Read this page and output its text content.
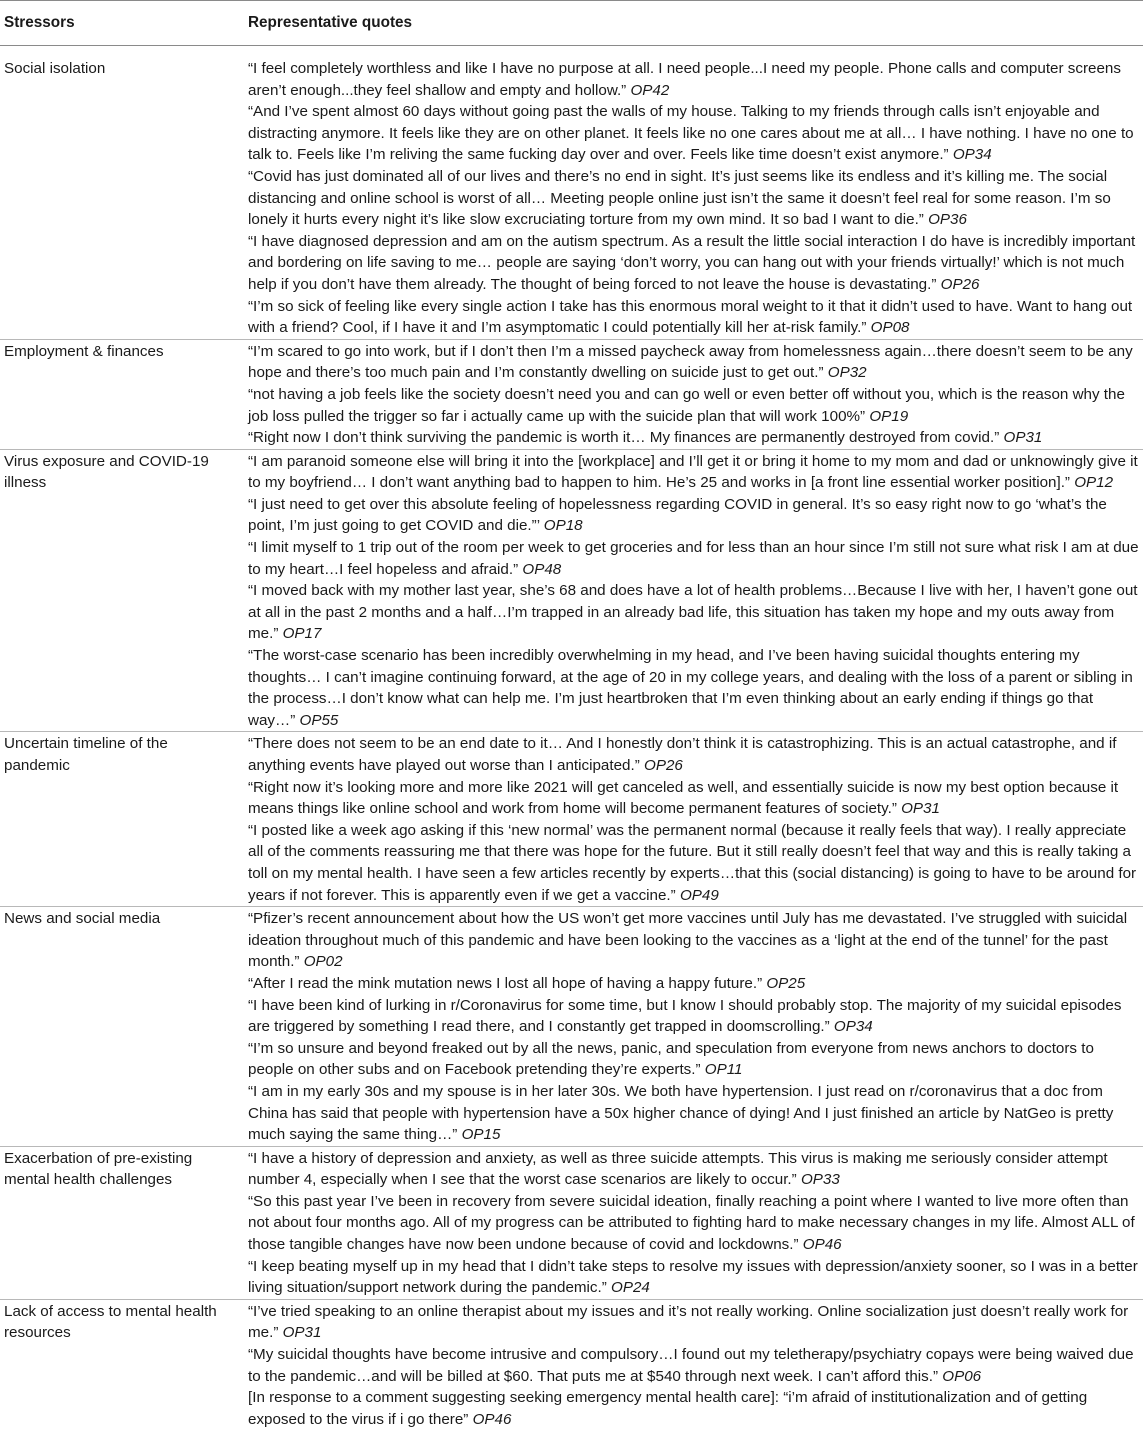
Stressors	Representative quotes
Social isolation	“I feel completely worthless and like I have no purpose at all. I need people...I need my people. Phone calls and computer screens aren’t enough...they feel shallow and empty and hollow.” OP42

“And I’ve spent almost 60 days without going past the walls of my house. Talking to my friends through calls isn’t enjoyable and distracting anymore. It feels like they are on other planet. It feels like no one cares about me at all… I have nothing. I have no one to talk to. Feels like I’m reliving the same fucking day over and over. Feels like time doesn’t exist anymore.” OP34

“Covid has just dominated all of our lives and there’s no end in sight. It’s just seems like its endless and it’s killing me. The social distancing and online school is worst of all… Meeting people online just isn’t the same it doesn’t feel real for some reason. I’m so lonely it hurts every night it’s like slow excruciating torture from my own mind. It so bad I want to die.” OP36

“I have diagnosed depression and am on the autism spectrum. As a result the little social interaction I do have is incredibly important and bordering on life saving to me… people are saying ‘don’t worry, you can hang out with your friends virtually!’ which is not much help if you don’t have them already. The thought of being forced to not leave the house is devastating.” OP26

“I’m so sick of feeling like every single action I take has this enormous moral weight to it that it didn’t used to have. Want to hang out with a friend? Cool, if I have it and I’m asymptomatic I could potentially kill her at-risk family.” OP08

Employment & finances	“I’m scared to go into work, but if I don’t then I’m a missed paycheck away from homelessness again…there doesn’t seem to be any hope and there’s too much pain and I’m constantly dwelling on suicide just to get out.” OP32

“not having a job feels like the society doesn’t need you and can go well or even better off without you, which is the reason why the job loss pulled the trigger so far i actually came up with the suicide plan that will work 100%” OP19

“Right now I don’t think surviving the pandemic is worth it… My finances are permanently destroyed from covid.” OP31

Virus exposure and COVID-19 illness	“I am paranoid someone else will bring it into the [workplace] and I’ll get it or bring it home to my mom and dad or unknowingly give it to my boyfriend… I don’t want anything bad to happen to him. He’s 25 and works in [a front line essential worker position].” OP12

“I just need to get over this absolute feeling of hopelessness regarding COVID in general. It’s so easy right now to go ‘what’s the point, I’m just going to get COVID and die.”’ OP18

“I limit myself to 1 trip out of the room per week to get groceries and for less than an hour since I’m still not sure what risk I am at due to my heart…I feel hopeless and afraid.” OP48

“I moved back with my mother last year, she’s 68 and does have a lot of health problems…Because I live with her, I haven’t gone out at all in the past 2 months and a half…I’m trapped in an already bad life, this situation has taken my hope and my outs away from me.” OP17

“The worst-case scenario has been incredibly overwhelming in my head, and I’ve been having suicidal thoughts entering my thoughts… I can’t imagine continuing forward, at the age of 20 in my college years, and dealing with the loss of a parent or sibling in the process…I don’t know what can help me. I’m just heartbroken that I’m even thinking about an early ending if things go that way…” OP55

Uncertain timeline of the pandemic	“There does not seem to be an end date to it… And I honestly don’t think it is catastrophizing. This is an actual catastrophe, and if anything events have played out worse than I anticipated.” OP26

“Right now it’s looking more and more like 2021 will get canceled as well, and essentially suicide is now my best option because it means things like online school and work from home will become permanent features of society.” OP31

“I posted like a week ago asking if this ‘new normal’ was the permanent normal (because it really feels that way). I really appreciate all of the comments reassuring me that there was hope for the future. But it still really doesn’t feel that way and this is really taking a toll on my mental health. I have seen a few articles recently by experts…that this (social distancing) is going to have to be around for years if not forever. This is apparently even if we get a vaccine.” OP49

News and social media	“Pfizer’s recent announcement about how the US won’t get more vaccines until July has me devastated. I’ve struggled with suicidal ideation throughout much of this pandemic and have been looking to the vaccines as a ‘light at the end of the tunnel’ for the past month.” OP02

“After I read the mink mutation news I lost all hope of having a happy future.” OP25

“I have been kind of lurking in r/Coronavirus for some time, but I know I should probably stop. The majority of my suicidal episodes are triggered by something I read there, and I constantly get trapped in doomscrolling.” OP34

“I’m so unsure and beyond freaked out by all the news, panic, and speculation from everyone from news anchors to doctors to people on other subs and on Facebook pretending they’re experts.” OP11

“I am in my early 30s and my spouse is in her later 30s. We both have hypertension. I just read on r/coronavirus that a doc from China has said that people with hypertension have a 50x higher chance of dying! And I just finished an article by NatGeo is pretty much saying the same thing…” OP15

Exacerbation of pre-existing mental health challenges	“I have a history of depression and anxiety, as well as three suicide attempts. This virus is making me seriously consider attempt number 4, especially when I see that the worst case scenarios are likely to occur.” OP33

“So this past year I’ve been in recovery from severe suicidal ideation, finally reaching a point where I wanted to live more often than not about four months ago. All of my progress can be attributed to fighting hard to make necessary changes in my life. Almost ALL of those tangible changes have now been undone because of covid and lockdowns.” OP46

“I keep beating myself up in my head that I didn’t take steps to resolve my issues with depression/anxiety sooner, so I was in a better living situation/support network during the pandemic.” OP24

Lack of access to mental health resources	“I’ve tried speaking to an online therapist about my issues and it’s not really working. Online socialization just doesn’t really work for me.” OP31

“My suicidal thoughts have become intrusive and compulsory…I found out my teletherapy/psychiatry copays were being waived due to the pandemic…and will be billed at $60. That puts me at $540 through next week. I can’t afford this.” OP06

[In response to a comment suggesting seeking emergency mental health care]: “i’m afraid of institutionalization and of getting exposed to the virus if i go there” OP46
